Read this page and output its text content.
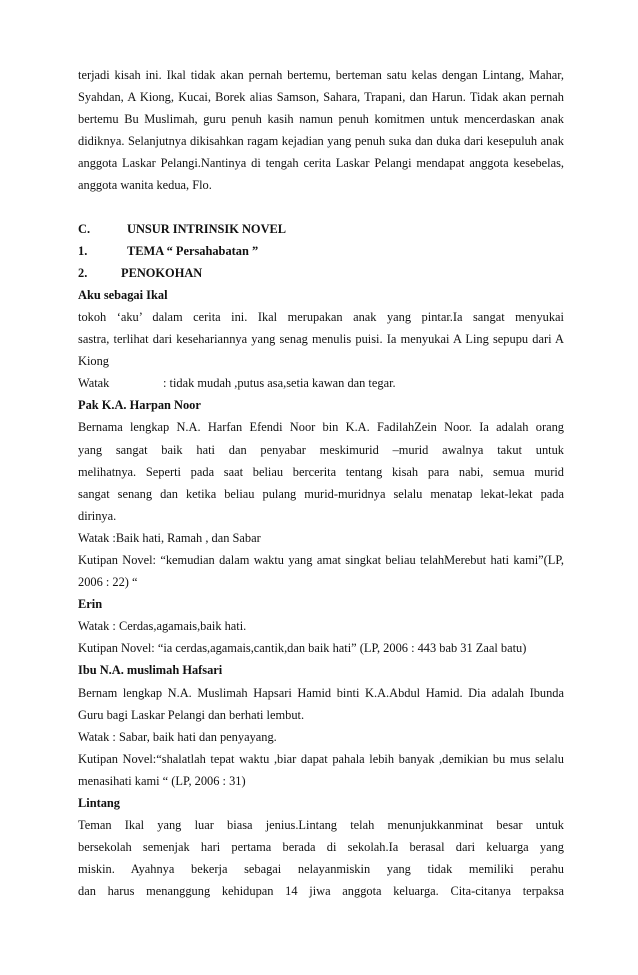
terjadi kisah ini. Ikal tidak akan pernah bertemu, berteman satu kelas dengan Lintang, Mahar,
Syahdan, A Kiong, Kucai, Borek alias Samson, Sahara, Trapani, dan Harun. Tidak akan pernah
bertemu Bu Muslimah, guru penuh kasih namun penuh komitmen untuk mencerdaskan anak
didiknya. Selanjutnya dikisahkan ragam kejadian yang penuh suka dan duka dari kesepuluh anak
anggota Laskar Pelangi.Nantinya di tengah cerita Laskar Pelangi mendapat anggota kesebelas,
anggota wanita kedua, Flo.
C.	UNSUR INTRINSIK NOVEL
1.	TEMA “ Persahabatan ”
2.	PENOKOHAN
Aku sebagai Ikal
tokoh ‘aku’ dalam cerita ini. Ikal merupakan anak yang pintar.Ia sangat menyukai
sastra, terlihat dari kesehariannya yang senag menulis puisi. Ia menyukai A Ling sepupu dari A
Kiong
Watak	: tidak mudah ,putus asa,setia kawan dan tegar.
Pak K.A. Harpan Noor
Bernama lengkap N.A. Harfan Efendi Noor bin K.A. FadilahZein Noor. Ia adalah orang
yang sangat baik hati dan penyabar meskimurid –murid awalnya takut untuk
melihatnya. Seperti pada saat beliau bercerita tentang kisah para nabi, semua murid
sangat senang dan ketika beliau pulang murid-muridnya selalu menatap lekat-lekat pada
dirinya.
Watak :Baik hati, Ramah , dan Sabar
Kutipan Novel: “kemudian dalam waktu yang amat singkat beliau telahMerebut hati kami”(LP,
2006 : 22) “
Erin
Watak : Cerdas,agamais,baik hati.
Kutipan Novel: “ia cerdas,agamais,cantik,dan baik hati” (LP, 2006 : 443 bab 31 Zaal batu)
Ibu N.A. muslimah Hafsari
Bernam lengkap N.A. Muslimah Hapsari Hamid binti K.A.Abdul Hamid. Dia adalah Ibunda
Guru bagi Laskar Pelangi dan berhati lembut.
Watak : Sabar, baik hati dan penyayang.
Kutipan Novel:“shalatlah tepat waktu ,biar dapat pahala lebih banyak ,demikian bu mus selalu
menasihati kami “ (LP, 2006 : 31)
Lintang
Teman Ikal yang luar biasa jenius.Lintang telah menunjukkanminat besar untuk
bersekolah semenjak hari pertama berada di sekolah.Ia berasal dari keluarga yang
miskin. Ayahnya bekerja sebagai nelayanmiskin yang tidak memiliki perahu
dan harus menanggung kehidupan 14 jiwa anggota keluarga. Cita-citanya terpaksa
